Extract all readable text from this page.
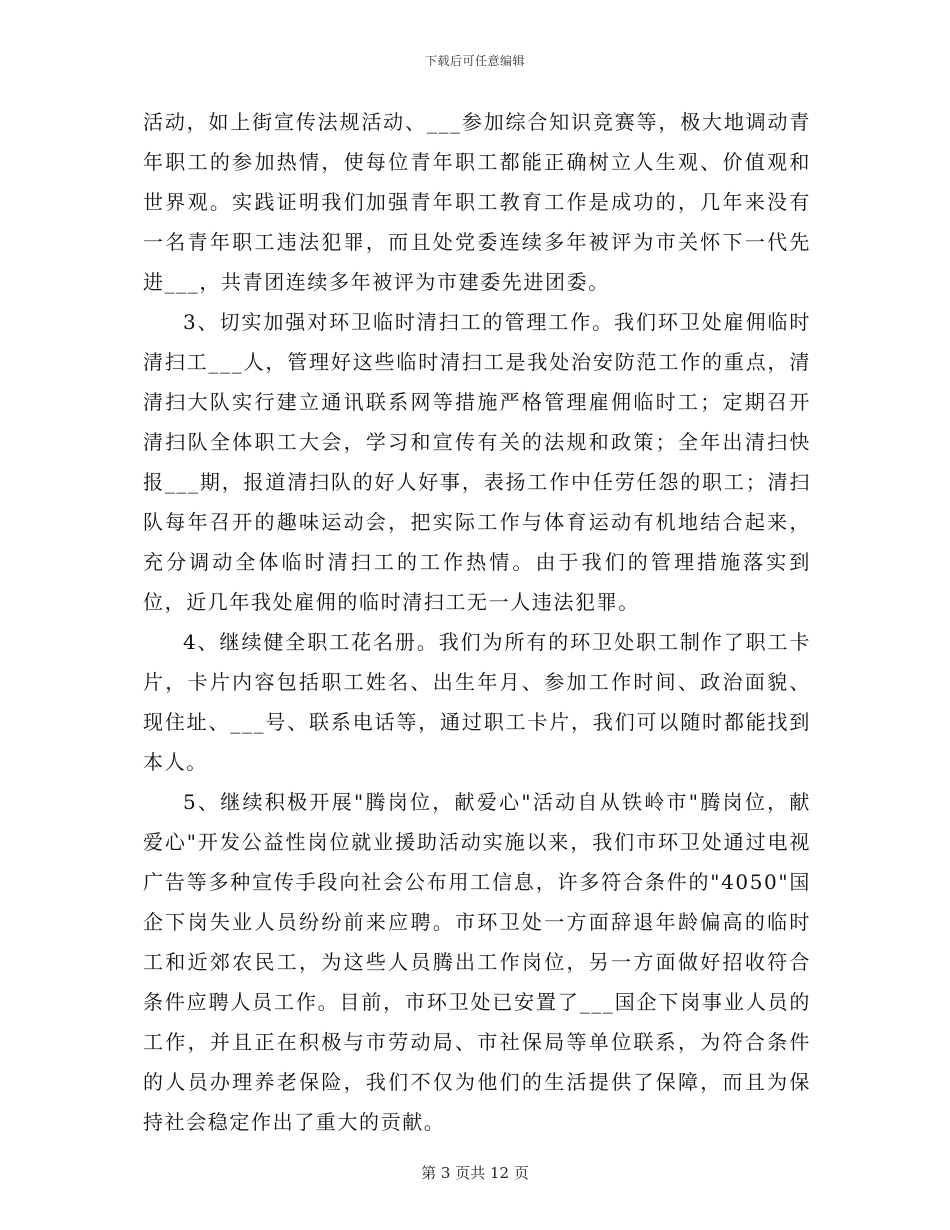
下载后可任意编辑

活动，如上街宣传法规活动、___参加综合知识竞赛等，极大地调动青年职工的参加热情，使每位青年职工都能正确树立人生观、价值观和世界观。实践证明我们加强青年职工教育工作是成功的，几年来没有一名青年职工违法犯罪，而且处党委连续多年被评为市关怀下一代先进___，共青团连续多年被评为市建委先进团委。

3、切实加强对环卫临时清扫工的管理工作。我们环卫处雇佣临时清扫工___人，管理好这些临时清扫工是我处治安防范工作的重点，清清扫大队实行建立通讯联系网等措施严格管理雇佣临时工；定期召开清扫队全体职工大会，学习和宣传有关的法规和政策；全年出清扫快报___期，报道清扫队的好人好事，表扬工作中任劳任怨的职工；清扫队每年召开的趣味运动会，把实际工作与体育运动有机地结合起来，充分调动全体临时清扫工的工作热情。由于我们的管理措施落实到位，近几年我处雇佣的临时清扫工无一人违法犯罪。

4、继续健全职工花名册。我们为所有的环卫处职工制作了职工卡片，卡片内容包括职工姓名、出生年月、参加工作时间、政治面貌、现住址、___号、联系电话等，通过职工卡片，我们可以随时都能找到本人。

5、继续积极开展"腾岗位，献爱心"活动自从铁岭市"腾岗位，献爱心"开发公益性岗位就业援助活动实施以来，我们市环卫处通过电视广告等多种宣传手段向社会公布用工信息，许多符合条件的"4050"国企下岗失业人员纷纷前来应聘。市环卫处一方面辞退年龄偏高的临时工和近郊农民工，为这些人员腾出工作岗位，另一方面做好招收符合条件应聘人员工作。目前，市环卫处已安置了___国企下岗事业人员的工作，并且正在积极与市劳动局、市社保局等单位联系，为符合条件的人员办理养老保险，我们不仅为他们的生活提供了保障，而且为保持社会稳定作出了重大的贡献。

第 3 页共 12 页
